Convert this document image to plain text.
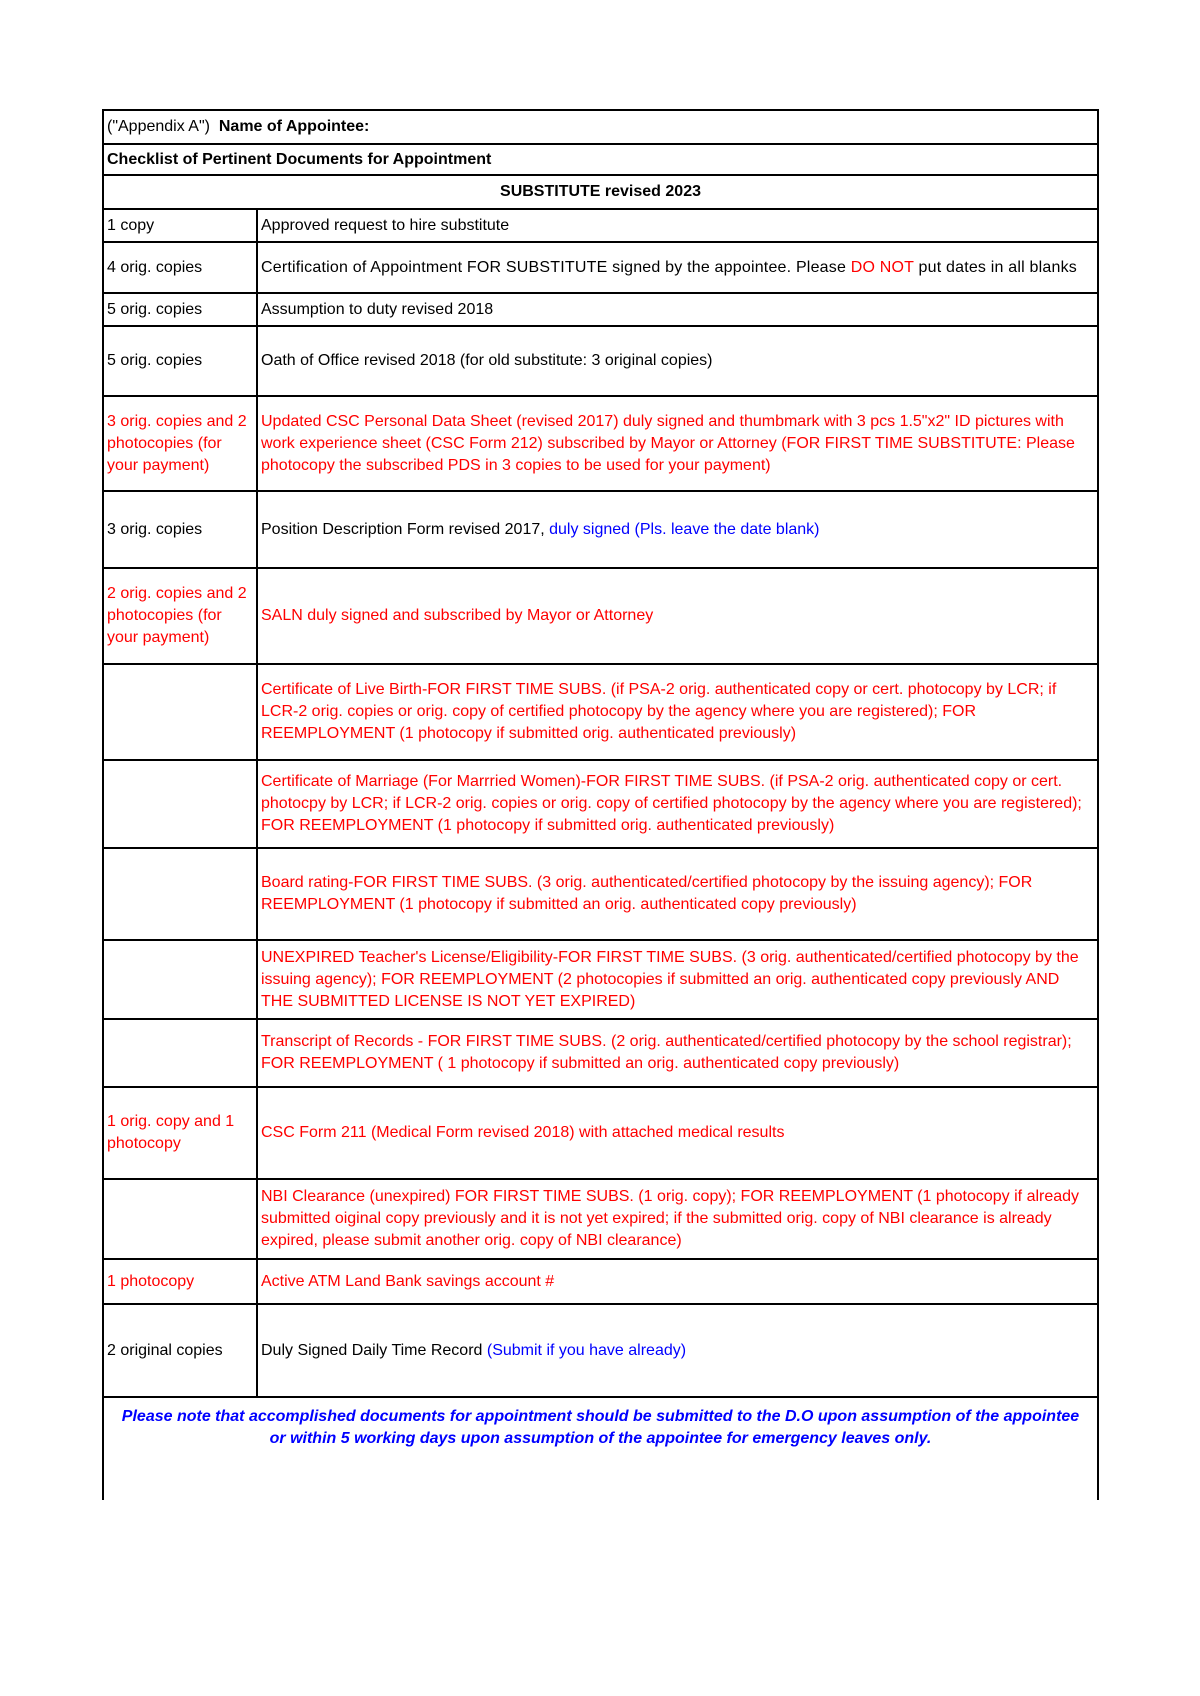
("Appendix A") Name of Appointee:	
Checklist of Pertinent Documents for Appointment	
SUBSTITUTE revised 2023	
1 copy	Approved request to hire substitute
4 orig. copies	Certification of Appointment FOR SUBSTITUTE signed by the appointee. Please DO NOT put dates in all blanks
5 orig. copies	Assumption to duty revised 2018
5 orig. copies	Oath of Office revised 2018 (for old substitute: 3 original copies)
3 orig. copies and 2 photocopies (for your payment)	Updated CSC Personal Data Sheet (revised 2017) duly signed and thumbmark with 3 pcs 1.5"x2" ID pictures with work experience sheet (CSC Form 212) subscribed by Mayor or Attorney (FOR FIRST TIME SUBSTITUTE: Please photocopy the subscribed PDS in 3 copies to be used for your payment)
3 orig. copies	Position Description Form revised 2017, duly signed (Pls. leave the date blank)
2 orig. copies and 2 photocopies (for your payment)	SALN duly signed and subscribed by Mayor or Attorney
	Certificate of Live Birth-FOR FIRST TIME SUBS. (if PSA-2 orig. authenticated copy or cert. photocopy by LCR; if LCR-2 orig. copies or orig. copy of certified photocopy by the agency where you are registered); FOR REEMPLOYMENT (1 photocopy if submitted orig. authenticated previously)
	Certificate of Marriage (For Marrried Women)-FOR FIRST TIME SUBS. (if PSA-2 orig. authenticated copy or cert. photocpy by LCR; if LCR-2 orig. copies or orig. copy of certified photocopy by the agency where you are registered); FOR REEMPLOYMENT (1 photocopy if submitted orig. authenticated previously)
	Board rating-FOR FIRST TIME SUBS. (3 orig. authenticated/certified photocopy by the issuing agency); FOR REEMPLOYMENT (1 photocopy if submitted an orig. authenticated copy previously)
	UNEXPIRED Teacher's License/Eligibility-FOR FIRST TIME SUBS. (3 orig. authenticated/certified photocopy by the issuing agency); FOR REEMPLOYMENT (2 photocopies if submitted an orig. authenticated copy previously AND THE SUBMITTED LICENSE IS NOT YET EXPIRED)
	Transcript of Records - FOR FIRST TIME SUBS. (2 orig. authenticated/certified photocopy by the school registrar); FOR REEMPLOYMENT ( 1 photocopy if submitted an orig. authenticated copy previously)
1 orig. copy and 1 photocopy	CSC Form 211 (Medical Form revised 2018) with attached medical results
	NBI Clearance (unexpired) FOR FIRST TIME SUBS. (1 orig. copy); FOR REEMPLOYMENT (1 photocopy if already submitted oiginal copy previously and it is not yet expired; if the submitted orig. copy of NBI clearance is already expired, please submit another orig. copy of NBI clearance)
1 photocopy	Active ATM Land Bank savings account #
2 original copies	Duly Signed Daily Time Record (Submit if you have already)
Please note that accomplished documents for appointment should be submitted to the D.O upon assumption of the appointee or within 5 working days upon assumption of the appointee for emergency leaves only.	
